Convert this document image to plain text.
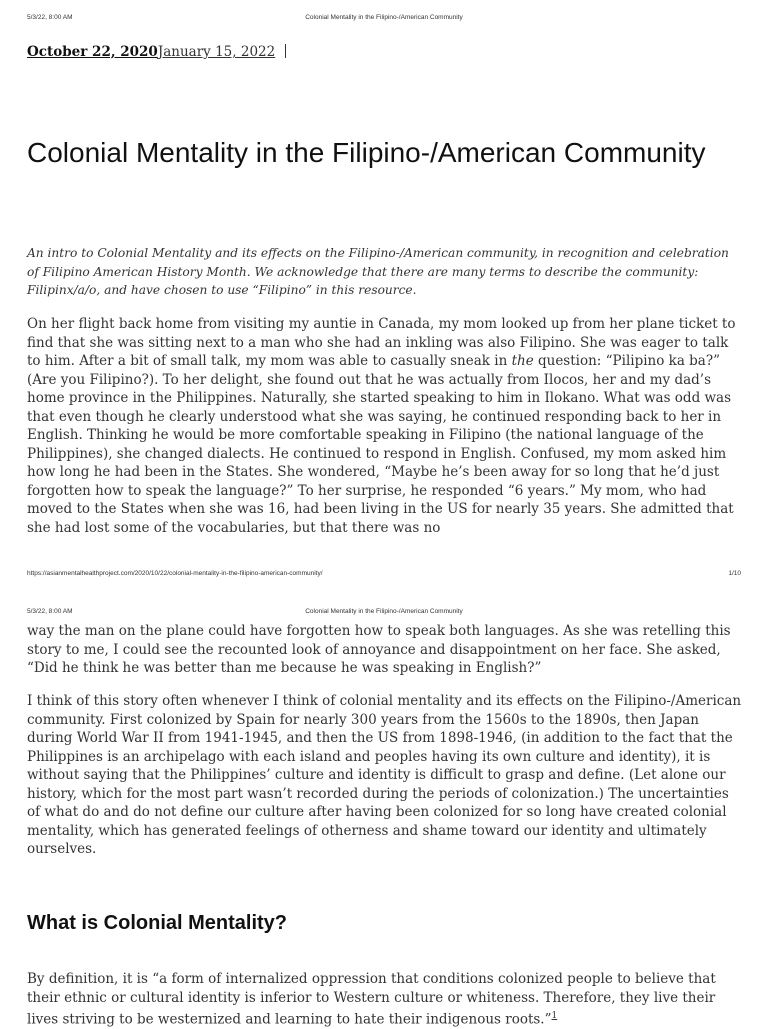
5/3/22, 8:00 AM	Colonial Mentality in the Filipino-/American Community
October 22, 2020January 15, 2022
Colonial Mentality in the Filipino-/American Community

An intro to Colonial Mentality and its effects on the Filipino-/American community, in recognition and celebration of Filipino American History Month. We acknowledge that there are many terms to describe the community: Filipinx/a/o, and have chosen to use “Filipino” in this resource.

On her flight back home from visiting my auntie in Canada, my mom looked up from her plane ticket to find that she was sitting next to a man who she had an inkling was also Filipino. She was eager to talk to him. After a bit of small talk, my mom was able to casually sneak in the question: “Pilipino ka ba?” (Are you Filipino?). To her delight, she found out that he was actually from Ilocos, her and my dad’s home province in the Philippines. Naturally, she started speaking to him in Ilokano. What was odd was that even though he clearly understood what she was saying, he continued responding back to her in English. Thinking he would be more comfortable speaking in Filipino (the national language of the Philippines), she changed dialects. He continued to respond in English. Confused, my mom asked him how long he had been in the States. She wondered, “Maybe he’s been away for so long that he’d just forgotten how to speak the language?” To her surprise, he responded “6 years.” My mom, who had moved to the States when she was 16, had been living in the US for nearly 35 years. She admitted that she had lost some of the vocabularies, but that there was no

https://asianmentalhealthproject.com/2020/10/22/colonial-mentality-in-the-filipino-american-community/	1/10
5/3/22, 8:00 AM	Colonial Mentality in the Filipino-/American Community

way the man on the plane could have forgotten how to speak both languages. As she was retelling this story to me, I could see the recounted look of annoyance and disappointment on her face. She asked, “Did he think he was better than me because he was speaking in English?”

I think of this story often whenever I think of colonial mentality and its effects on the Filipino-/American community. First colonized by Spain for nearly 300 years from the 1560s to the 1890s, then Japan during World War II from 1941-1945, and then the US from 1898-1946, (in addition to the fact that the Philippines is an archipelago with each island and peoples having its own culture and identity), it is without saying that the Philippines’ culture and identity is difficult to grasp and define. (Let alone our history, which for the most part wasn’t recorded during the periods of colonization.) The uncertainties of what do and do not define our culture after having been colonized for so long have created colonial mentality, which has generated feelings of otherness and shame toward our identity and ultimately ourselves.

What is Colonial Mentality?

By definition, it is “a form of internalized oppression that conditions colonized people to believe that their ethnic or cultural identity is inferior to Western culture or whiteness. Therefore, they live their lives striving to be westernized and learning to hate their indigenous roots.”$^1$
